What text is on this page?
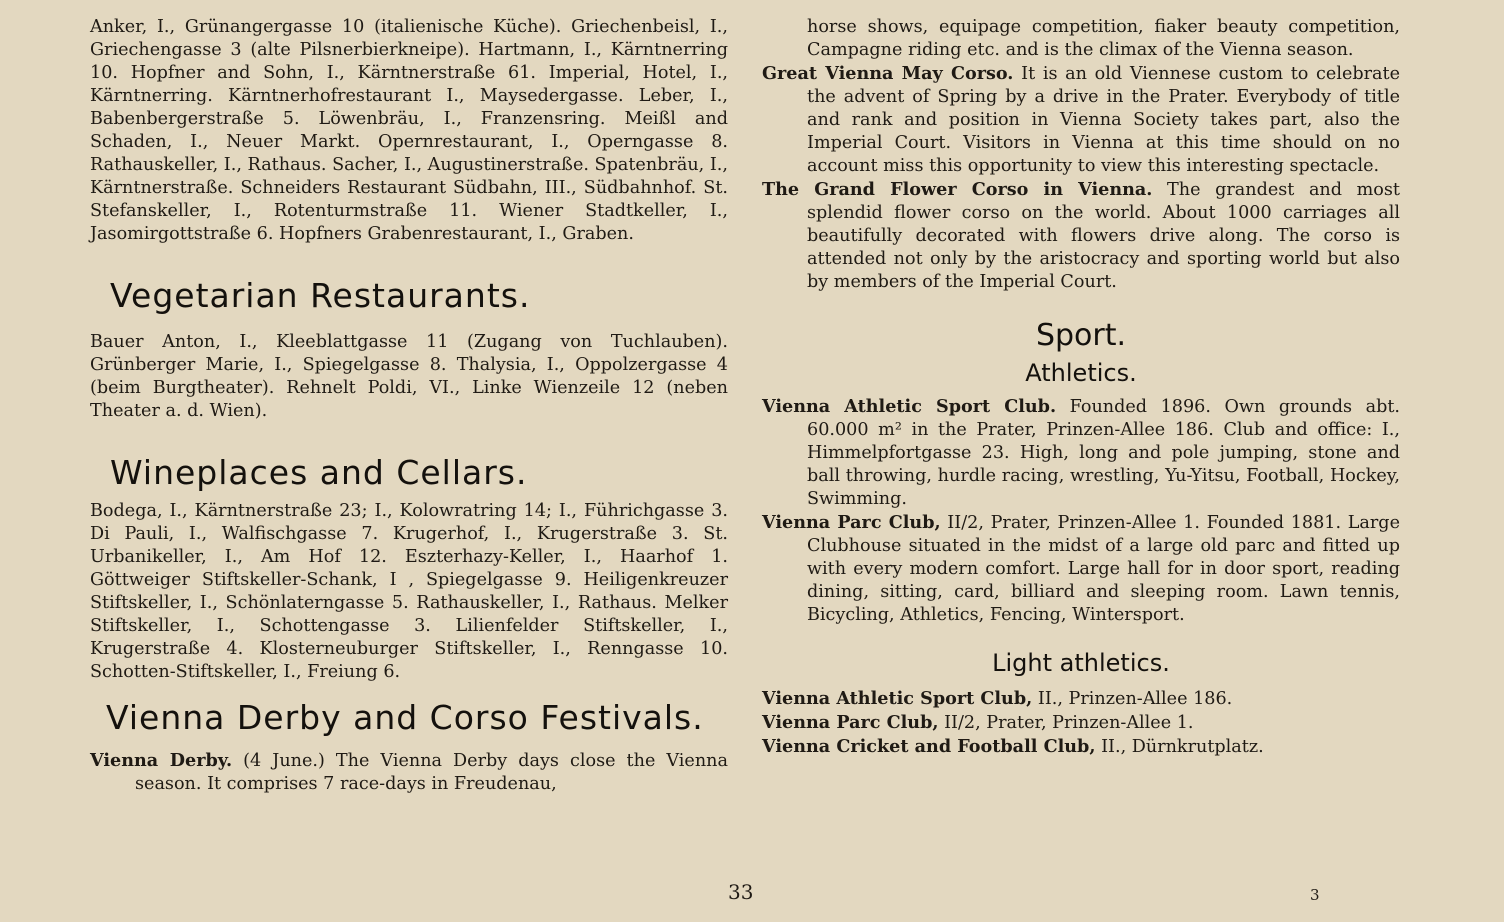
Anker, I., Grünangergasse 10 (italienische Küche). Griechenbeisl, I., Griechengasse 3 (alte Pilsnerbierkneipe). Hartmann, I., Kärntnerring 10. Hopfner and Sohn, I., Kärntnerstraße 61. Imperial, Hotel, I., Kärntnerring. Kärntnerhofrestaurant I., Maysedergasse. Leber, I., Babenbergerstraße 5. Löwenbräu, I., Franzensring. Meißl and Schaden, I., Neuer Markt. Opernrestaurant, I., Operngasse 8. Rathauskeller, I., Rathaus. Sacher, I., Augustinerstraße. Spatenbräu, I., Kärntnerstraße. Schneiders Restaurant Südbahn, III., Südbahnhof. St. Stefanskeller, I., Rotenturmstraße 11. Wiener Stadtkeller, I., Jasomirgottstraße 6. Hopfners Grabenrestaurant, I., Graben.

Vegetarian Restaurants.

Bauer Anton, I., Kleeblattgasse 11 (Zugang von Tuchlauben). Grünberger Marie, I., Spiegelgasse 8. Thalysia, I., Oppolzergasse 4 (beim Burgtheater). Rehnelt Poldi, VI., Linke Wienzeile 12 (neben Theater a. d. Wien).

Wineplaces and Cellars.

Bodega, I., Kärntnerstraße 23; I., Kolowratring 14; I., Führichgasse 3. Di Pauli, I., Walfischgasse 7. Krugerhof, I., Krugerstraße 3. St. Urbanikeller, I., Am Hof 12. Eszterhazy-Keller, I., Haarhof 1. Göttweiger Stiftskeller-Schank, I , Spiegelgasse 9. Heiligenkreuzer Stiftskeller, I., Schönlaterngasse 5. Rathauskeller, I., Rathaus. Melker Stiftskeller, I., Schottengasse 3. Lilienfelder Stiftskeller, I., Krugerstraße 4. Klosterneuburger Stiftskeller, I., Renngasse 10. Schotten-Stiftskeller, I., Freiung 6.

Vienna Derby and Corso Festivals.

Vienna Derby. (4 June.) The Vienna Derby days close the Vienna season. It comprises 7 race-days in Freudenau,

33

horse shows, equipage competition, fiaker beauty competition, Campagne riding etc. and is the climax of the Vienna season.

Great Vienna May Corso. It is an old Viennese custom to celebrate the advent of Spring by a drive in the Prater. Everybody of title and rank and position in Vienna Society takes part, also the Imperial Court. Visitors in Vienna at this time should on no account miss this opportunity to view this interesting spectacle.

The Grand Flower Corso in Vienna. The grandest and most splendid flower corso on the world. About 1000 carriages all beautifully decorated with flowers drive along. The corso is attended not only by the aristocracy and sporting world but also by members of the Imperial Court.

Sport.
Athletics.

Vienna Athletic Sport Club. Founded 1896. Own grounds abt. 60.000 m² in the Prater, Prinzen-Allee 186. Club and office: I., Himmelpfortgasse 23. High, long and pole jumping, stone and ball throwing, hurdle racing, wrestling, Yu-Yitsu, Football, Hockey, Swimming.

Vienna Parc Club, II/2, Prater, Prinzen-Allee 1. Founded 1881. Large Clubhouse situated in the midst of a large old parc and fitted up with every modern comfort. Large hall for in door sport, reading dining, sitting, card, billiard and sleeping room. Lawn tennis, Bicycling, Athletics, Fencing, Wintersport.

Light athletics.

Vienna Athletic Sport Club, II., Prinzen-Allee 186.

Vienna Parc Club, II/2, Prater, Prinzen-Allee 1.

Vienna Cricket and Football Club, II., Dürnkrutplatz.

3
